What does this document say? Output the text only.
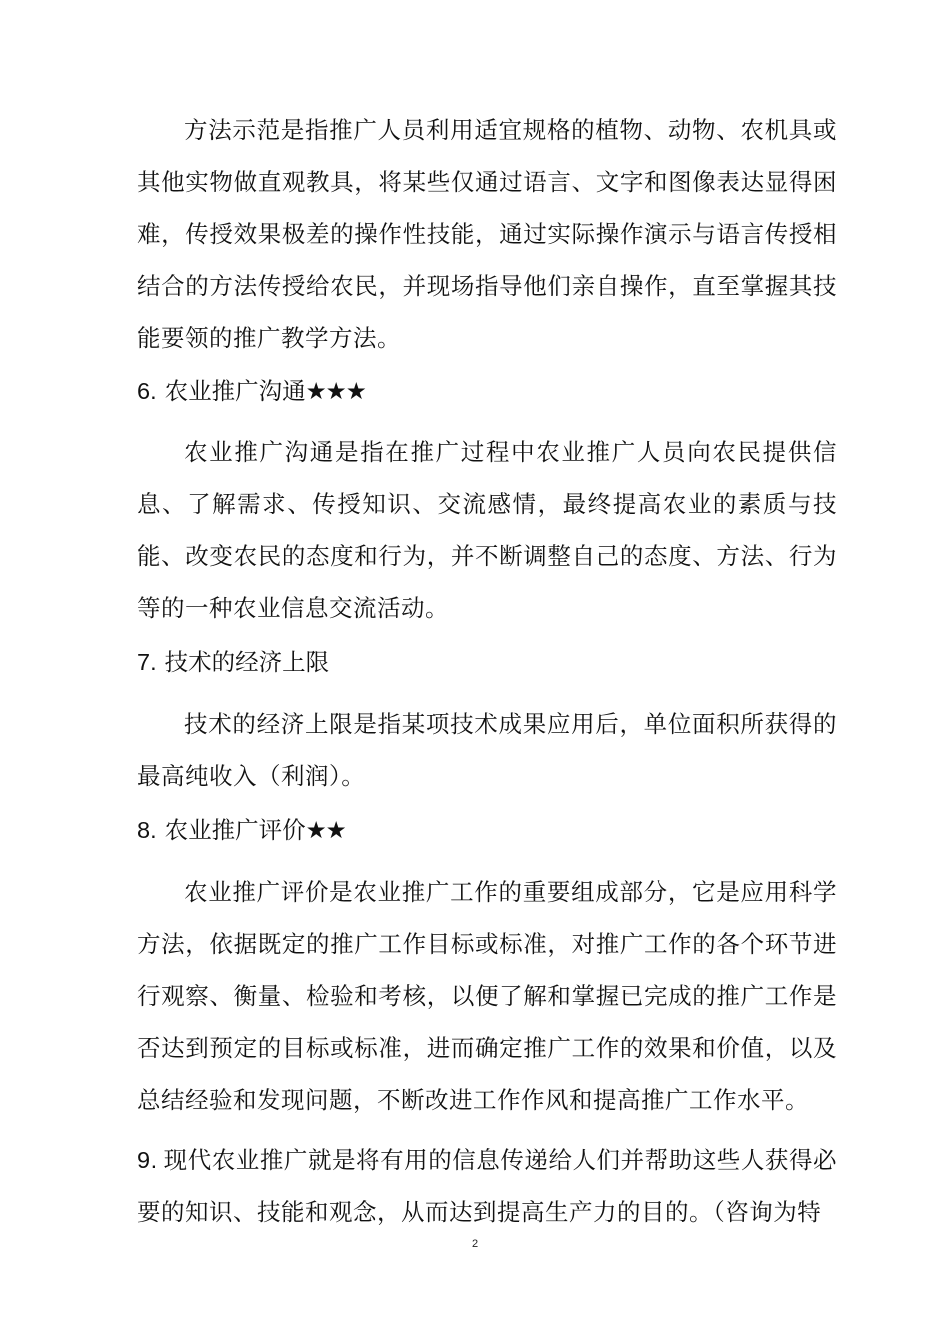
方法示范是指推广人员利用适宜规格的植物、动物、农机具或其他实物做直观教具，将某些仅通过语言、文字和图像表达显得困难，传授效果极差的操作性技能，通过实际操作演示与语言传授相结合的方法传授给农民，并现场指导他们亲自操作，直至掌握其技能要领的推广教学方法。

6. 农业推广沟通★★★

农业推广沟通是指在推广过程中农业推广人员向农民提供信息、了解需求、传授知识、交流感情，最终提高农业的素质与技能、改变农民的态度和行为，并不断调整自己的态度、方法、行为等的一种农业信息交流活动。

7. 技术的经济上限

技术的经济上限是指某项技术成果应用后，单位面积所获得的最高纯收入（利润）。

8. 农业推广评价★★

农业推广评价是农业推广工作的重要组成部分，它是应用科学方法，依据既定的推广工作目标或标准，对推广工作的各个环节进行观察、衡量、检验和考核，以便了解和掌握已完成的推广工作是否达到预定的目标或标准，进而确定推广工作的效果和价值，以及总结经验和发现问题，不断改进工作作风和提高推广工作水平。

9. 现代农业推广就是将有用的信息传递给人们并帮助这些人获得必要的知识、技能和观念，从而达到提高生产力的目的。（咨询为特

2
